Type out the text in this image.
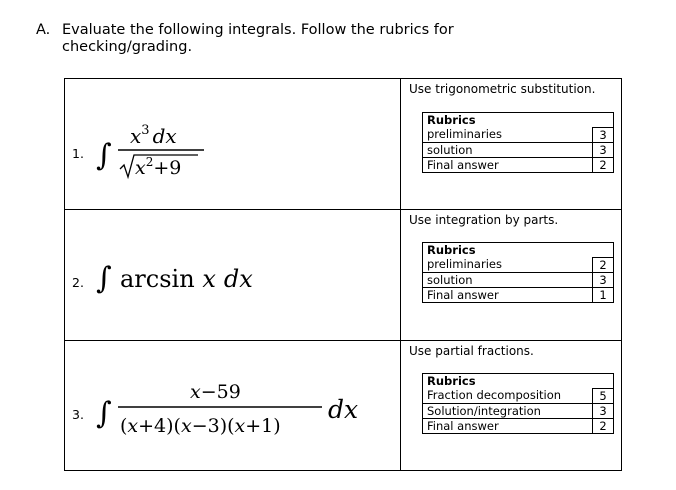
A. Evaluate the following integrals. Follow the rubrics for
checking/grading.
1. ∫
$x^3$ dx
$x^2+9$
Use trigonometric substitution.
Rubrics	
preliminaries	3
solution	3
Final answer	2
2. ∫ arcsin x dx
Use integration by parts.
Rubrics	
preliminaries	2
solution	3
Final answer	1
3. ∫
x−59
(x+4)(x−3)(x+1)
dx
Use partial fractions.
Rubrics	
Fraction decomposition	5
Solution/integration	3
Final answer	2
